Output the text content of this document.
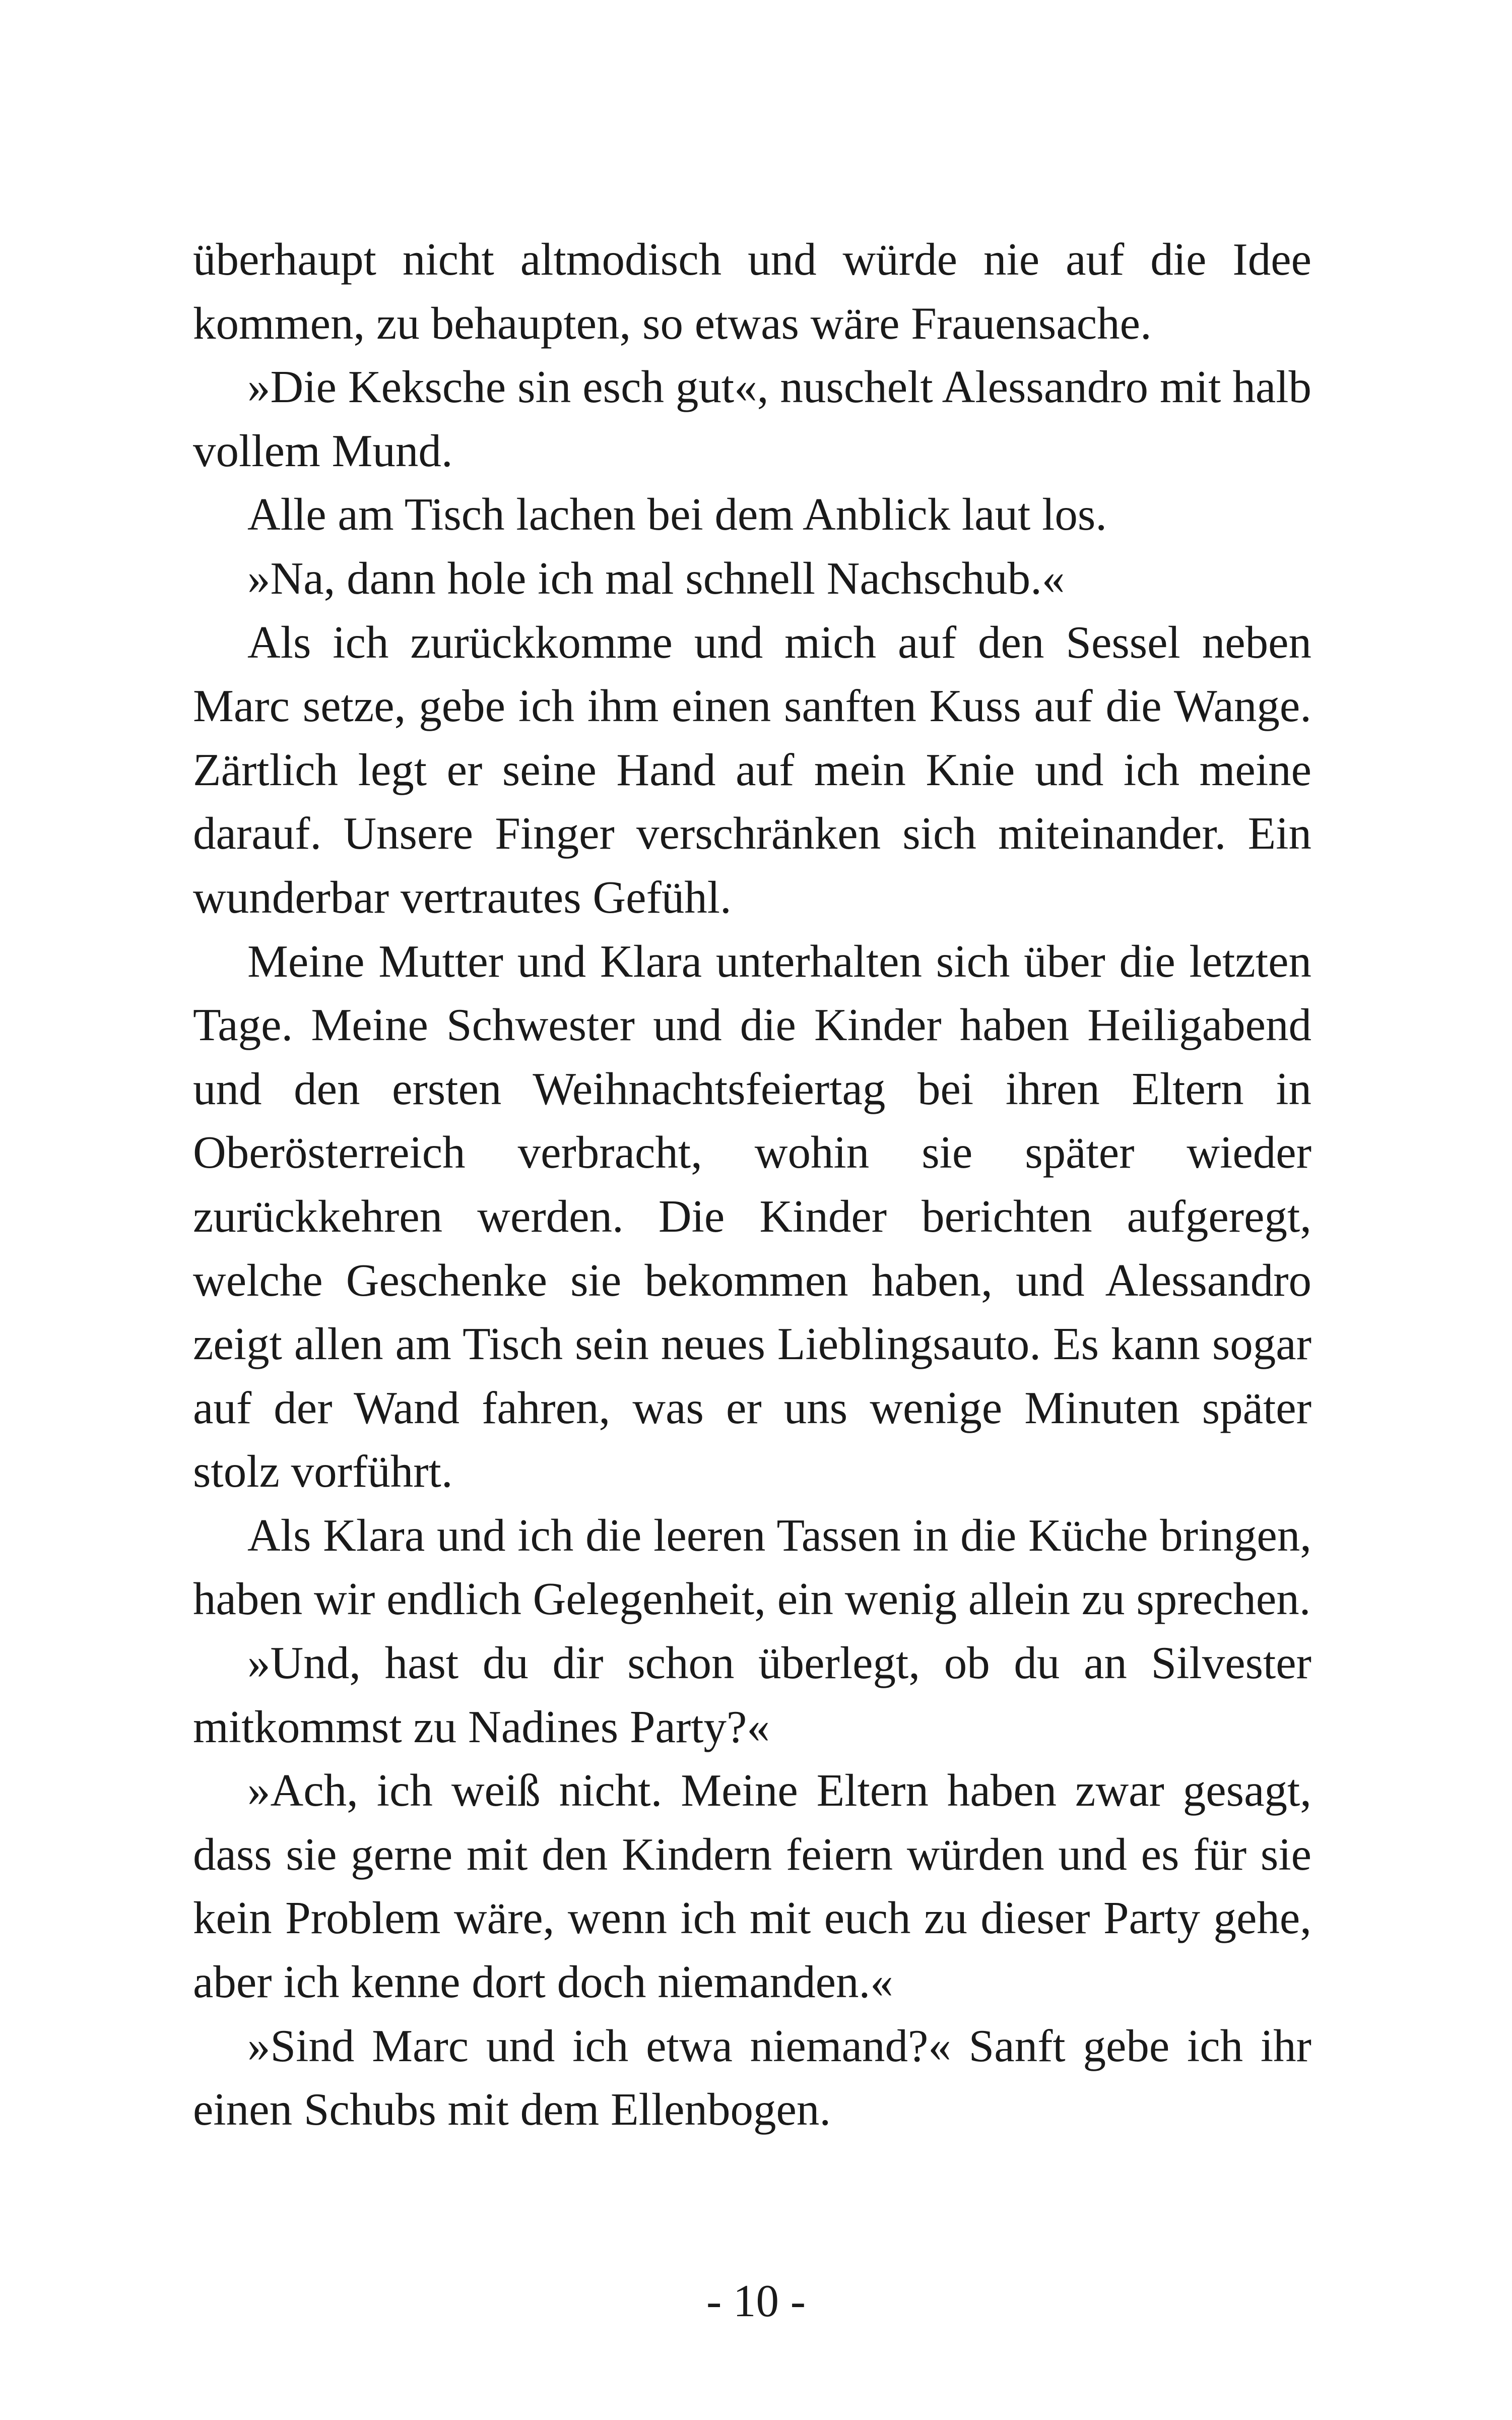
überhaupt nicht altmodisch und würde nie auf die Idee kommen, zu behaupten, so etwas wäre Frauensache.

»Die Keksche sin esch gut«, nuschelt Alessandro mit halb vollem Mund.

Alle am Tisch lachen bei dem Anblick laut los.

»Na, dann hole ich mal schnell Nachschub.«

Als ich zurückkomme und mich auf den Sessel neben Marc setze, gebe ich ihm einen sanften Kuss auf die Wange. Zärtlich legt er seine Hand auf mein Knie und ich meine darauf. Unsere Finger verschränken sich miteinander. Ein wunderbar vertrautes Gefühl.

Meine Mutter und Klara unterhalten sich über die letzten Tage. Meine Schwester und die Kinder haben Heiligabend und den ersten Weihnachtsfeiertag bei ihren Eltern in Oberösterreich verbracht, wohin sie später wieder zurückkehren werden. Die Kinder berichten aufgeregt, welche Geschenke sie bekommen haben, und Alessandro zeigt allen am Tisch sein neues Lieblingsauto. Es kann sogar auf der Wand fahren, was er uns wenige Minuten später stolz vorführt.

Als Klara und ich die leeren Tassen in die Küche bringen, haben wir endlich Gelegenheit, ein wenig allein zu sprechen.

»Und, hast du dir schon überlegt, ob du an Silvester mitkommst zu Nadines Party?«

»Ach, ich weiß nicht. Meine Eltern haben zwar gesagt, dass sie gerne mit den Kindern feiern würden und es für sie kein Problem wäre, wenn ich mit euch zu dieser Party gehe, aber ich kenne dort doch niemanden.«

»Sind Marc und ich etwa niemand?« Sanft gebe ich ihr einen Schubs mit dem Ellenbogen.

- 10 -
